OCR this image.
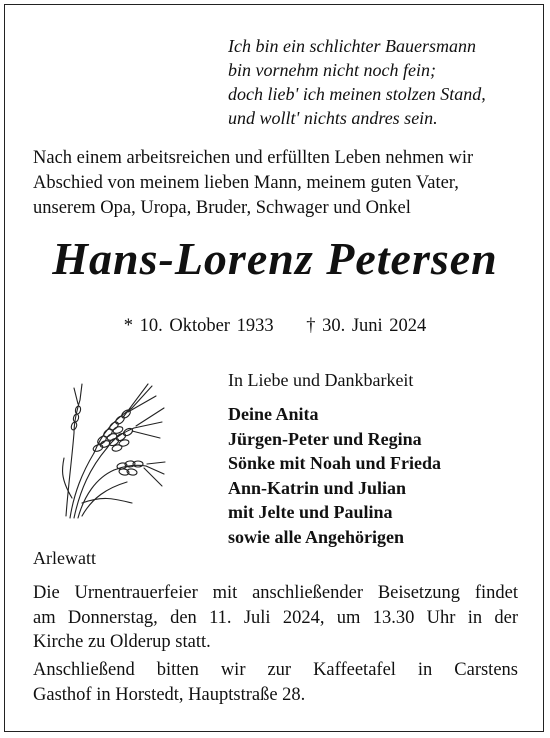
Ich bin ein schlichter Bauersmann
bin vornehm nicht noch fein;
doch lieb' ich meinen stolzen Stand,
und wollt' nichts andres sein.
Nach einem arbeitsreichen und erfüllten Leben nehmen wir
Abschied von meinem lieben Mann, meinem guten Vater,
unserem Opa, Uropa, Bruder, Schwager und Onkel
Hans-Lorenz Petersen
* 10. Oktober 1933 † 30. Juni 2024
In Liebe und Dankbarkeit
Deine Anita
Jürgen-Peter und Regina
Sönke mit Noah und Frieda
Ann-Katrin und Julian
mit Jelte und Paulina
sowie alle Angehörigen
Arlewatt
Die Urnentrauerfeier mit anschließender Beisetzung findet
am Donnerstag, den 11. Juli 2024, um 13.30 Uhr in der
Kirche zu Olderup statt.
Anschließend bitten wir zur Kaffeetafel in Carstens
Gasthof in Horstedt, Hauptstraße 28.
